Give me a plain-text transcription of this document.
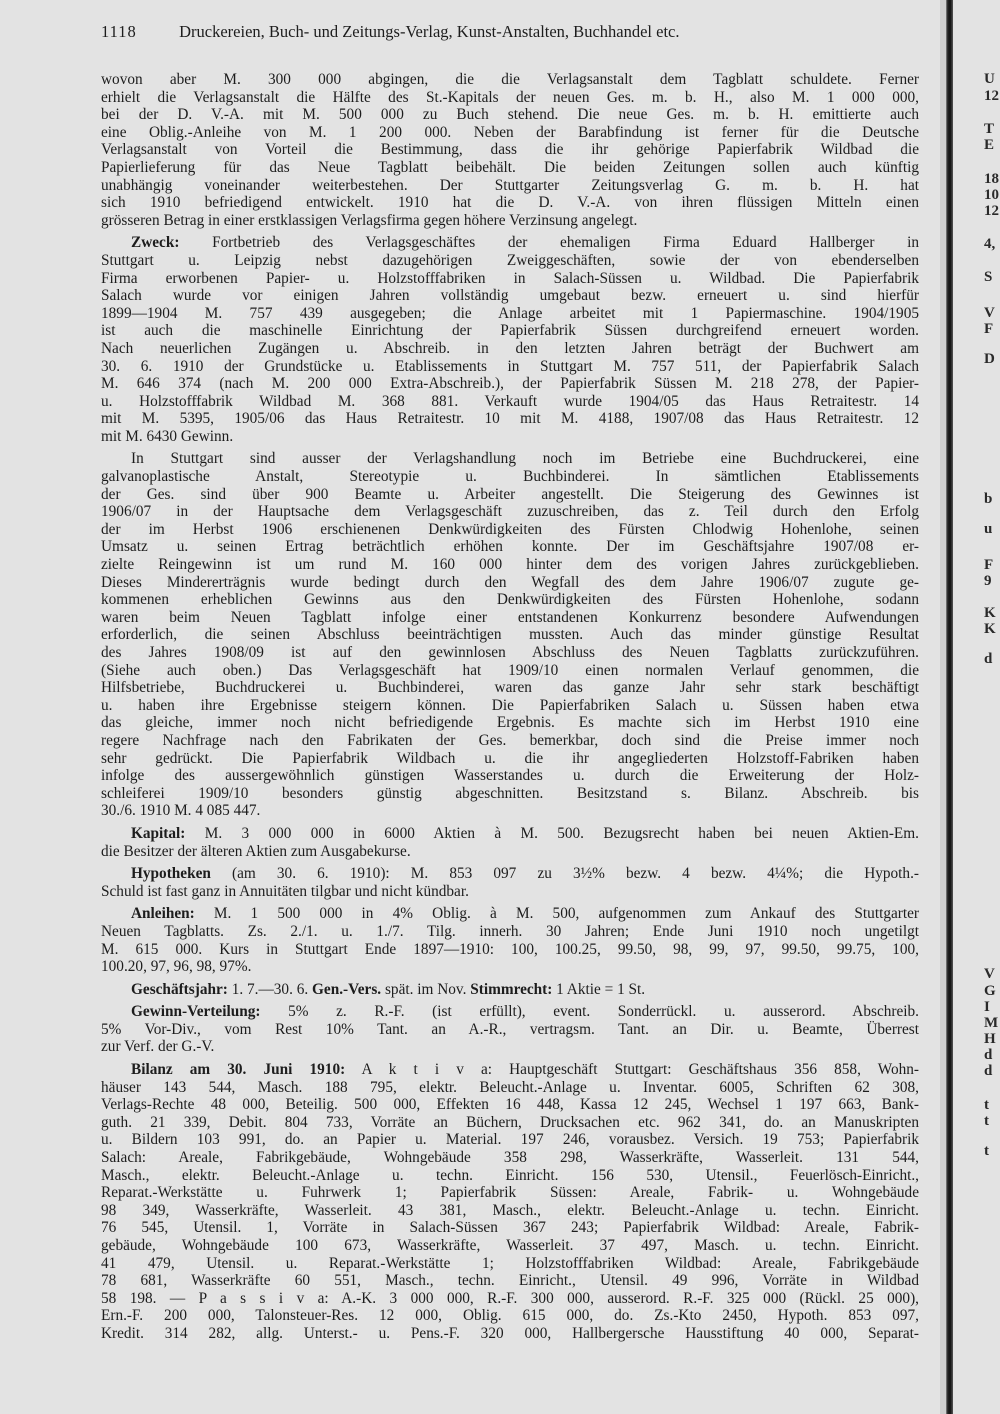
1118	Druckereien, Buch- und Zeitungs-Verlag, Kunst-Anstalten, Buchhandel etc.
wovon aber M. 300 000 abgingen, die die Verlagsanstalt dem Tagblatt schuldete. Ferner
erhielt die Verlagsanstalt die Hälfte des St.-Kapitals der neuen Ges. m. b. H., also M. 1 000 000,
bei der D. V.-A. mit M. 500 000 zu Buch stehend. Die neue Ges. m. b. H. emittierte auch
eine Oblig.-Anleihe von M. 1 200 000. Neben der Barabfindung ist ferner für die Deutsche
Verlagsanstalt von Vorteil die Bestimmung, dass die ihr gehörige Papierfabrik Wildbad die
Papierlieferung für das Neue Tagblatt beibehält. Die beiden Zeitungen sollen auch künftig
unabhängig voneinander weiterbestehen. Der Stuttgarter Zeitungsverlag G. m. b. H. hat
sich 1910 befriedigend entwickelt. 1910 hat die D. V.-A. von ihren flüssigen Mitteln einen
grösseren Betrag in einer erstklassigen Verlagsfirma gegen höhere Verzinsung angelegt.
Zweck: Fortbetrieb des Verlagsgeschäftes der ehemaligen Firma Eduard Hallberger in
Stuttgart u. Leipzig nebst dazugehörigen Zweiggeschäften, sowie der von ebenderselben
Firma erworbenen Papier- u. Holzstofffabriken in Salach-Süssen u. Wildbad. Die Papierfabrik
Salach wurde vor einigen Jahren vollständig umgebaut bezw. erneuert u. sind hierfür
1899—1904 M. 757 439 ausgegeben; die Anlage arbeitet mit 1 Papiermaschine. 1904/1905
ist auch die maschinelle Einrichtung der Papierfabrik Süssen durchgreifend erneuert worden.
Nach neuerlichen Zugängen u. Abschreib. in den letzten Jahren beträgt der Buchwert am
30. 6. 1910 der Grundstücke u. Etablissements in Stuttgart M. 757 511, der Papierfabrik Salach
M. 646 374 (nach M. 200 000 Extra-Abschreib.), der Papierfabrik Süssen M. 218 278, der Papier-
u. Holzstofffabrik Wildbad M. 368 881. Verkauft wurde 1904/05 das Haus Retraitestr. 14
mit M. 5395, 1905/06 das Haus Retraitestr. 10 mit M. 4188, 1907/08 das Haus Retraitestr. 12
mit M. 6430 Gewinn.
In Stuttgart sind ausser der Verlagshandlung noch im Betriebe eine Buchdruckerei, eine
galvanoplastische Anstalt, Stereotypie u. Buchbinderei. In sämtlichen Etablissements
der Ges. sind über 900 Beamte u. Arbeiter angestellt. Die Steigerung des Gewinnes ist
1906/07 in der Hauptsache dem Verlagsgeschäft zuzuschreiben, das z. Teil durch den Erfolg
der im Herbst 1906 erschienenen Denkwürdigkeiten des Fürsten Chlodwig Hohenlohe, seinen
Umsatz u. seinen Ertrag beträchtlich erhöhen konnte. Der im Geschäftsjahre 1907/08 er-
zielte Reingewinn ist um rund M. 160 000 hinter dem des vorigen Jahres zurückgeblieben.
Dieses Mindererträgnis wurde bedingt durch den Wegfall des dem Jahre 1906/07 zugute ge-
kommenen erheblichen Gewinns aus den Denkwürdigkeiten des Fürsten Hohenlohe, sodann
waren beim Neuen Tagblatt infolge einer entstandenen Konkurrenz besondere Aufwendungen
erforderlich, die seinen Abschluss beeinträchtigen mussten. Auch das minder günstige Resultat
des Jahres 1908/09 ist auf den gewinnlosen Abschluss des Neuen Tagblatts zurückzuführen.
(Siehe auch oben.) Das Verlagsgeschäft hat 1909/10 einen normalen Verlauf genommen, die
Hilfsbetriebe, Buchdruckerei u. Buchbinderei, waren das ganze Jahr sehr stark beschäftigt
u. haben ihre Ergebnisse steigern können. Die Papierfabriken Salach u. Süssen haben etwa
das gleiche, immer noch nicht befriedigende Ergebnis. Es machte sich im Herbst 1910 eine
regere Nachfrage nach den Fabrikaten der Ges. bemerkbar, doch sind die Preise immer noch
sehr gedrückt. Die Papierfabrik Wildbach u. die ihr angegliederten Holzstoff-Fabriken haben
infolge des aussergewöhnlich günstigen Wasserstandes u. durch die Erweiterung der Holz-
schleiferei 1909/10 besonders günstig abgeschnitten. Besitzstand s. Bilanz. Abschreib. bis
30./6. 1910 M. 4 085 447.
Kapital: M. 3 000 000 in 6000 Aktien à M. 500. Bezugsrecht haben bei neuen Aktien-Em.
die Besitzer der älteren Aktien zum Ausgabekurse.
Hypotheken (am 30. 6. 1910): M. 853 097 zu 3½% bezw. 4 bezw. 4¼%; die Hypoth.-
Schuld ist fast ganz in Annuitäten tilgbar und nicht kündbar.
Anleihen: M. 1 500 000 in 4% Oblig. à M. 500, aufgenommen zum Ankauf des Stuttgarter
Neuen Tagblatts. Zs. 2./1. u. 1./7. Tilg. innerh. 30 Jahren; Ende Juni 1910 noch ungetilgt
M. 615 000. Kurs in Stuttgart Ende 1897—1910: 100, 100.25, 99.50, 98, 99, 97, 99.50, 99.75, 100,
100.20, 97, 96, 98, 97%.
Geschäftsjahr: 1. 7.—30. 6. Gen.-Vers. spät. im Nov. Stimmrecht: 1 Aktie = 1 St.
Gewinn-Verteilung: 5% z. R.-F. (ist erfüllt), event. Sonderrückl. u. ausserord. Abschreib.
5% Vor-Div., vom Rest 10% Tant. an A.-R., vertragsm. Tant. an Dir. u. Beamte, Überrest
zur Verf. der G.-V.
Bilanz am 30. Juni 1910: A k t i v a: Hauptgeschäft Stuttgart: Geschäftshaus 356 858, Wohn-
häuser 143 544, Masch. 188 795, elektr. Beleucht.-Anlage u. Inventar. 6005, Schriften 62 308,
Verlags-Rechte 48 000, Beteilig. 500 000, Effekten 16 448, Kassa 12 245, Wechsel 1 197 663, Bank-
guth. 21 339, Debit. 804 733, Vorräte an Büchern, Drucksachen etc. 962 341, do. an Manuskripten
u. Bildern 103 991, do. an Papier u. Material. 197 246, vorausbez. Versich. 19 753; Papierfabrik
Salach: Areale, Fabrikgebäude, Wohngebäude 358 298, Wasserkräfte, Wasserleit. 131 544,
Masch., elektr. Beleucht.-Anlage u. techn. Einricht. 156 530, Utensil., Feuerlösch-Einricht.,
Reparat.-Werkstätte u. Fuhrwerk 1; Papierfabrik Süssen: Areale, Fabrik- u. Wohngebäude
98 349, Wasserkräfte, Wasserleit. 43 381, Masch., elektr. Beleucht.-Anlage u. techn. Einricht.
76 545, Utensil. 1, Vorräte in Salach-Süssen 367 243; Papierfabrik Wildbad: Areale, Fabrik-
gebäude, Wohngebäude 100 673, Wasserkräfte, Wasserleit. 37 497, Masch. u. techn. Einricht.
41 479, Utensil. u. Reparat.-Werkstätte 1; Holzstofffabriken Wildbad: Areale, Fabrikgebäude
78 681, Wasserkräfte 60 551, Masch., techn. Einricht., Utensil. 49 996, Vorräte in Wildbad
58 198. — P a s s i v a: A.-K. 3 000 000, R.-F. 300 000, ausserord. R.-F. 325 000 (Rückl. 25 000),
Ern.-F. 200 000, Talonsteuer-Res. 12 000, Oblig. 615 000, do. Zs.-Kto 2450, Hypoth. 853 097,
Kredit. 314 282, allg. Unterst.- u. Pens.-F. 320 000, Hallbergersche Hausstiftung 40 000, Separat-
U
12
T
E
18
10
12
4,
S
V
F
D
b
u
F
9
K
K
d
V
G
I
M
H
d
d
t
t
t
